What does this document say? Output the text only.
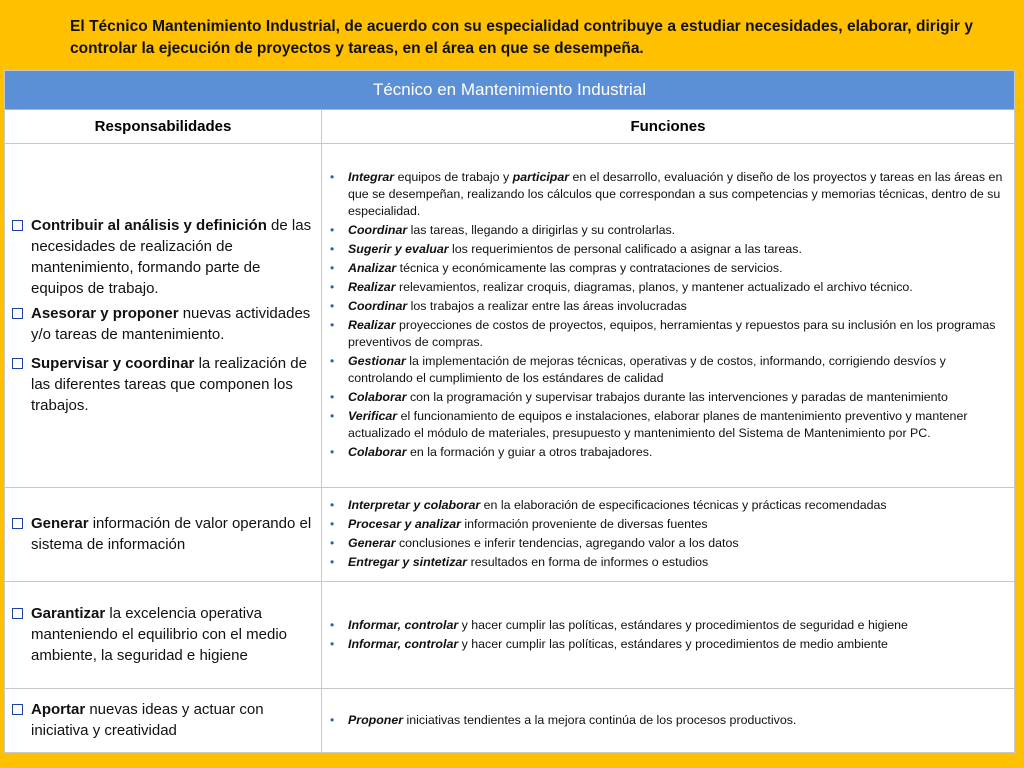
El Técnico Mantenimiento Industrial, de acuerdo con su especialidad contribuye a estudiar necesidades, elaborar, dirigir y controlar la ejecución de proyectos y tareas, en el área en que se desempeña.
Técnico en Mantenimiento Industrial
Responsabilidades	Funciones
Contribuir al análisis y definición de las necesidades de realización de mantenimiento, formando parte de equipos de trabajo.
Asesorar y proponer nuevas actividades y/o tareas de mantenimiento.
Supervisar y coordinar la realización de las diferentes tareas que componen los trabajos.
• Integrar equipos de trabajo y participar en el desarrollo, evaluación y diseño de los proyectos y tareas en las áreas en que se desempeñan, realizando los cálculos que correspondan a sus competencias y memorias técnicas, dentro de su especialidad.
• Coordinar las tareas, llegando a dirigirlas y su controlarlas.
• Sugerir y evaluar los requerimientos de personal calificado a asignar a las tareas.
• Analizar técnica y económicamente las compras y contrataciones de servicios.
• Realizar relevamientos, realizar croquis, diagramas, planos, y mantener actualizado el archivo técnico.
• Coordinar los trabajos a realizar entre las áreas involucradas
• Realizar proyecciones de costos de proyectos, equipos, herramientas y repuestos para su inclusión en los programas preventivos de compras.
• Gestionar la implementación de mejoras técnicas, operativas y de costos, informando, corrigiendo desvíos y controlando el cumplimiento de los estándares de calidad
• Colaborar con la programación y supervisar trabajos durante las intervenciones y paradas de mantenimiento
• Verificar el funcionamiento de equipos e instalaciones, elaborar planes de mantenimiento preventivo y mantener actualizado el módulo de materiales, presupuesto y mantenimiento del Sistema de Mantenimiento por PC.
• Colaborar en la formación y guiar a otros trabajadores.
Generar información de valor operando el sistema de información
• Interpretar y colaborar en la elaboración de especificaciones técnicas y prácticas recomendadas
• Procesar y analizar información proveniente de diversas fuentes
• Generar conclusiones e inferir tendencias, agregando valor a los datos
• Entregar y sintetizar resultados en forma de informes o estudios
Garantizar la excelencia operativa manteniendo el equilibrio con el medio ambiente, la seguridad e higiene
• Informar, controlar y hacer cumplir las políticas, estándares y procedimientos de seguridad e higiene
• Informar, controlar y hacer cumplir las políticas, estándares y procedimientos de medio ambiente
Aportar nuevas ideas y actuar con iniciativa y creatividad
• Proponer iniciativas tendientes a la mejora continúa de los procesos productivos.
